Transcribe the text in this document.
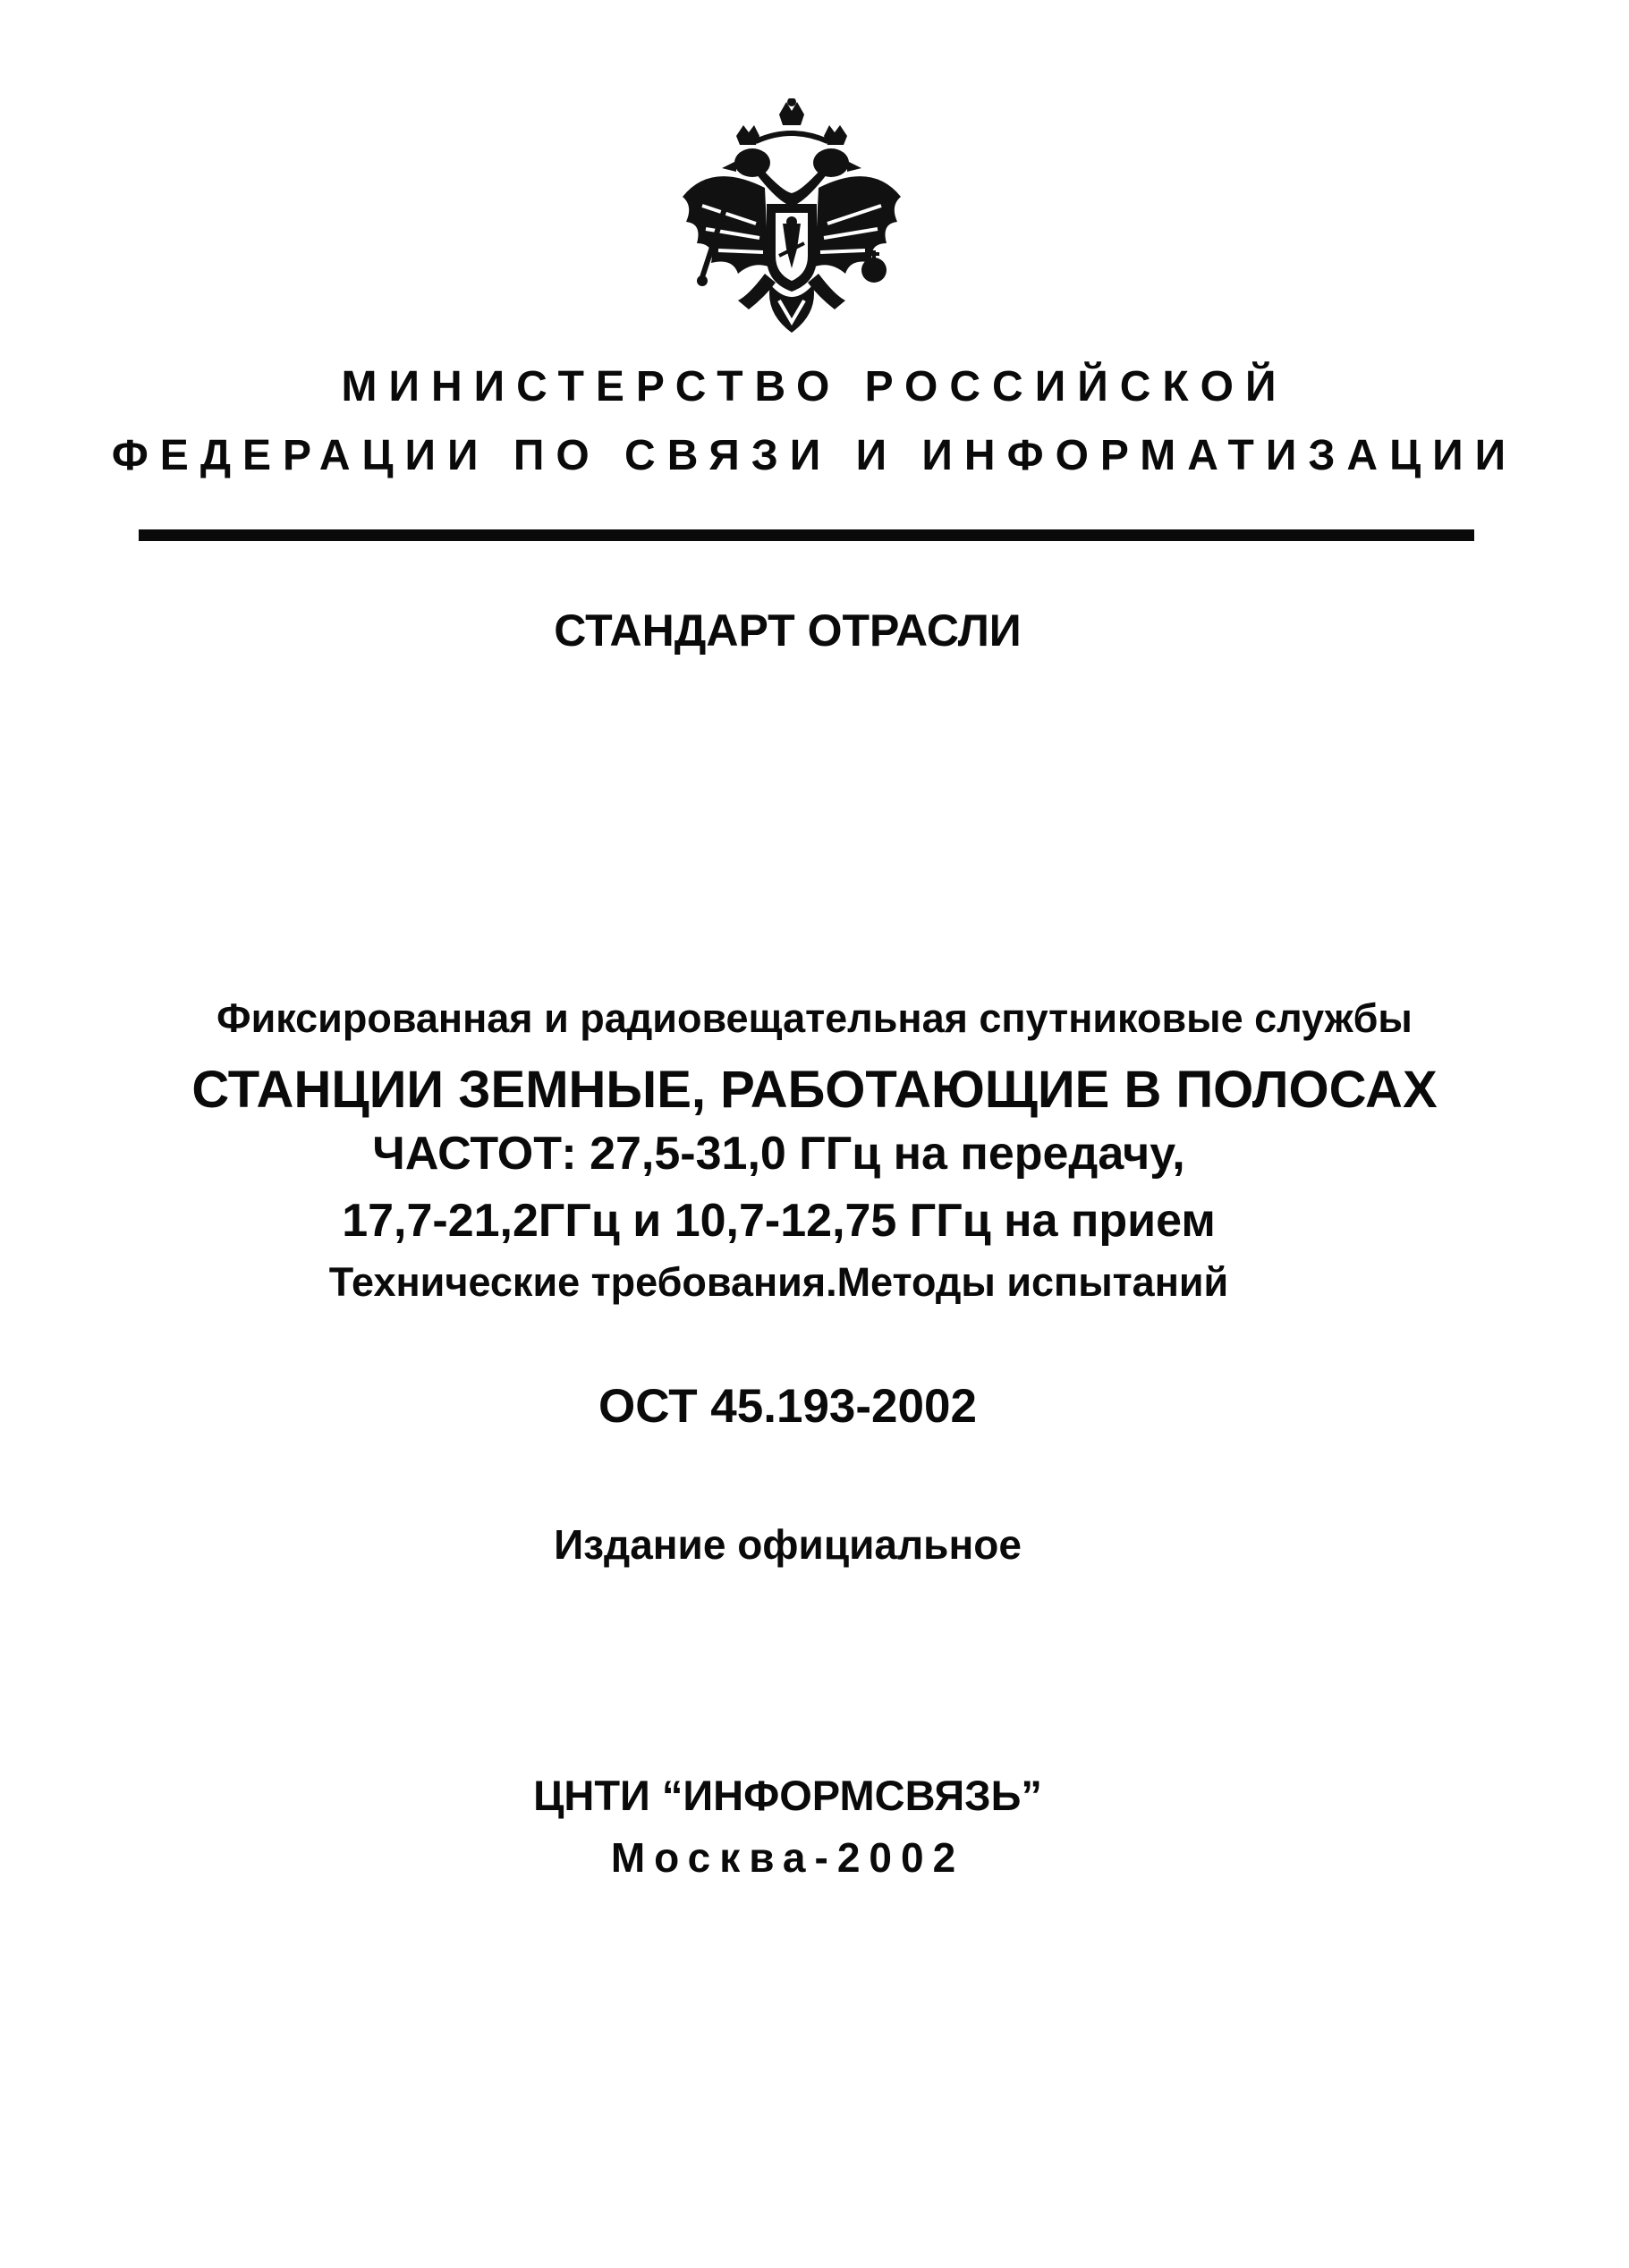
МИНИСТЕРСТВО РОССИЙСКОЙ
ФЕДЕРАЦИИ ПО СВЯЗИ И ИНФОРМАТИЗАЦИИ
СТАНДАРТ ОТРАСЛИ
Фиксированная и радиовещательная спутниковые службы
СТАНЦИИ ЗЕМНЫЕ, РАБОТАЮЩИЕ В ПОЛОСАХ
ЧАСТОТ: 27,5-31,0 ГГц на передачу,
17,7-21,2ГГц и 10,7-12,75 ГГц на прием
Технические требования.Методы испытаний
ОСТ 45.193-2002
Издание официальное
ЦНТИ “ИНФОРМСВЯЗЬ”
Москва-2002
